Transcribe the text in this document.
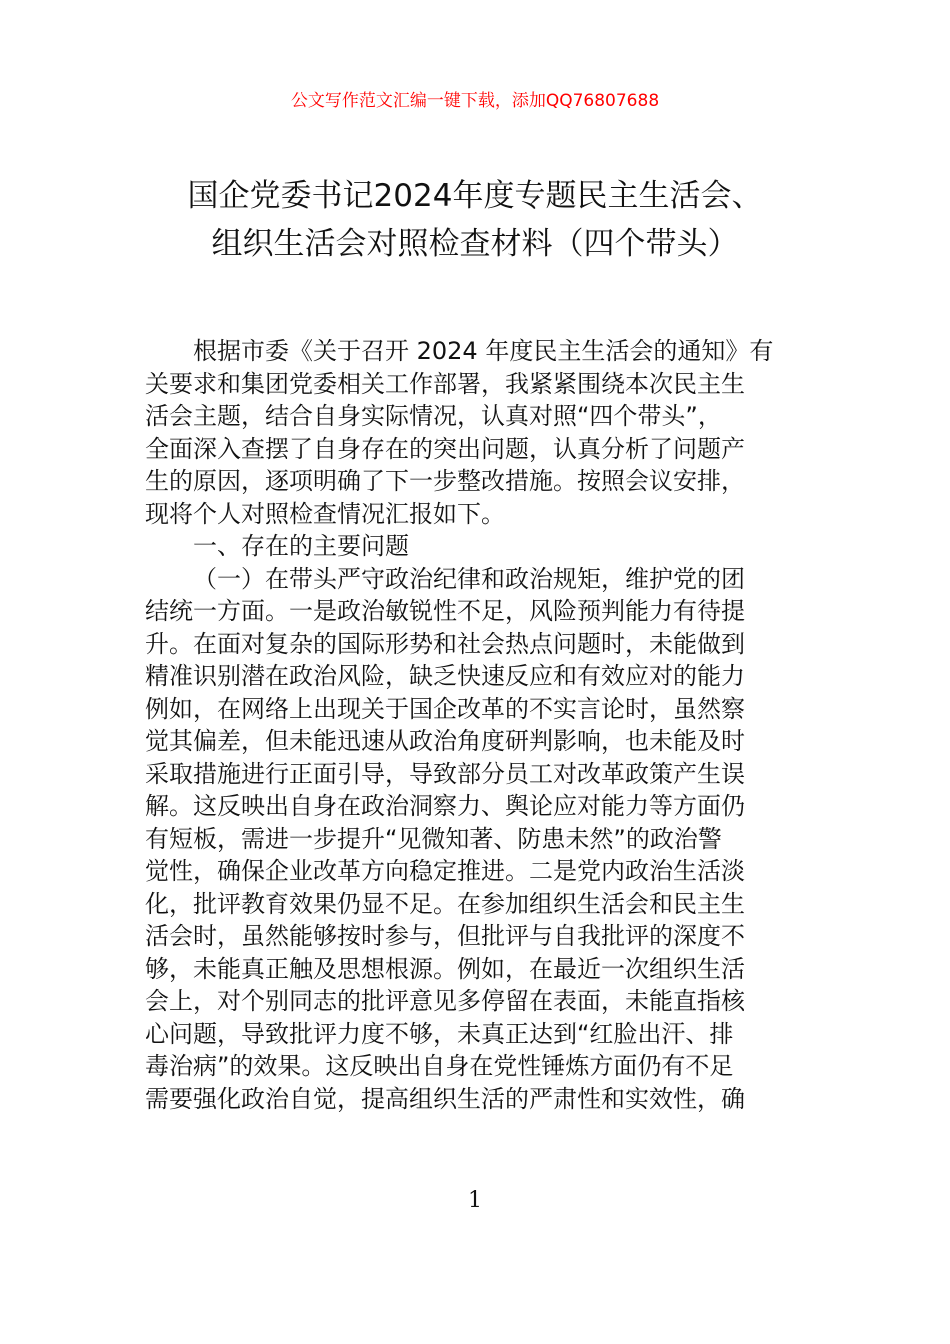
公文写作范文汇编一键下载，添加QQ76807688
国企党委书记2024年度专题民主生活会、
组织生活会对照检查材料（四个带头）
根据市委《关于召开 2024 年度民主生活会的通知》有
关要求和集团党委相关工作部署，我紧紧围绕本次民主生
活会主题，结合自身实际情况，认真对照“四个带头”，
全面深入查摆了自身存在的突出问题，认真分析了问题产
生的原因，逐项明确了下一步整改措施。按照会议安排，
现将个人对照检查情况汇报如下。
一、存在的主要问题
（一）在带头严守政治纪律和政治规矩，维护党的团
结统一方面。一是政治敏锐性不足，风险预判能力有待提
升。在面对复杂的国际形势和社会热点问题时，未能做到
精准识别潜在政治风险，缺乏快速反应和有效应对的能力
例如，在网络上出现关于国企改革的不实言论时，虽然察
觉其偏差，但未能迅速从政治角度研判影响，也未能及时
采取措施进行正面引导，导致部分员工对改革政策产生误
解。这反映出自身在政治洞察力、舆论应对能力等方面仍
有短板，需进一步提升“见微知著、防患未然”的政治警
觉性，确保企业改革方向稳定推进。二是党内政治生活淡
化，批评教育效果仍显不足。在参加组织生活会和民主生
活会时，虽然能够按时参与，但批评与自我批评的深度不
够，未能真正触及思想根源。例如，在最近一次组织生活
会上，对个别同志的批评意见多停留在表面，未能直指核
心问题，导致批评力度不够，未真正达到“红脸出汗、排
毒治病”的效果。这反映出自身在党性锤炼方面仍有不足
需要强化政治自觉，提高组织生活的严肃性和实效性，确
1
